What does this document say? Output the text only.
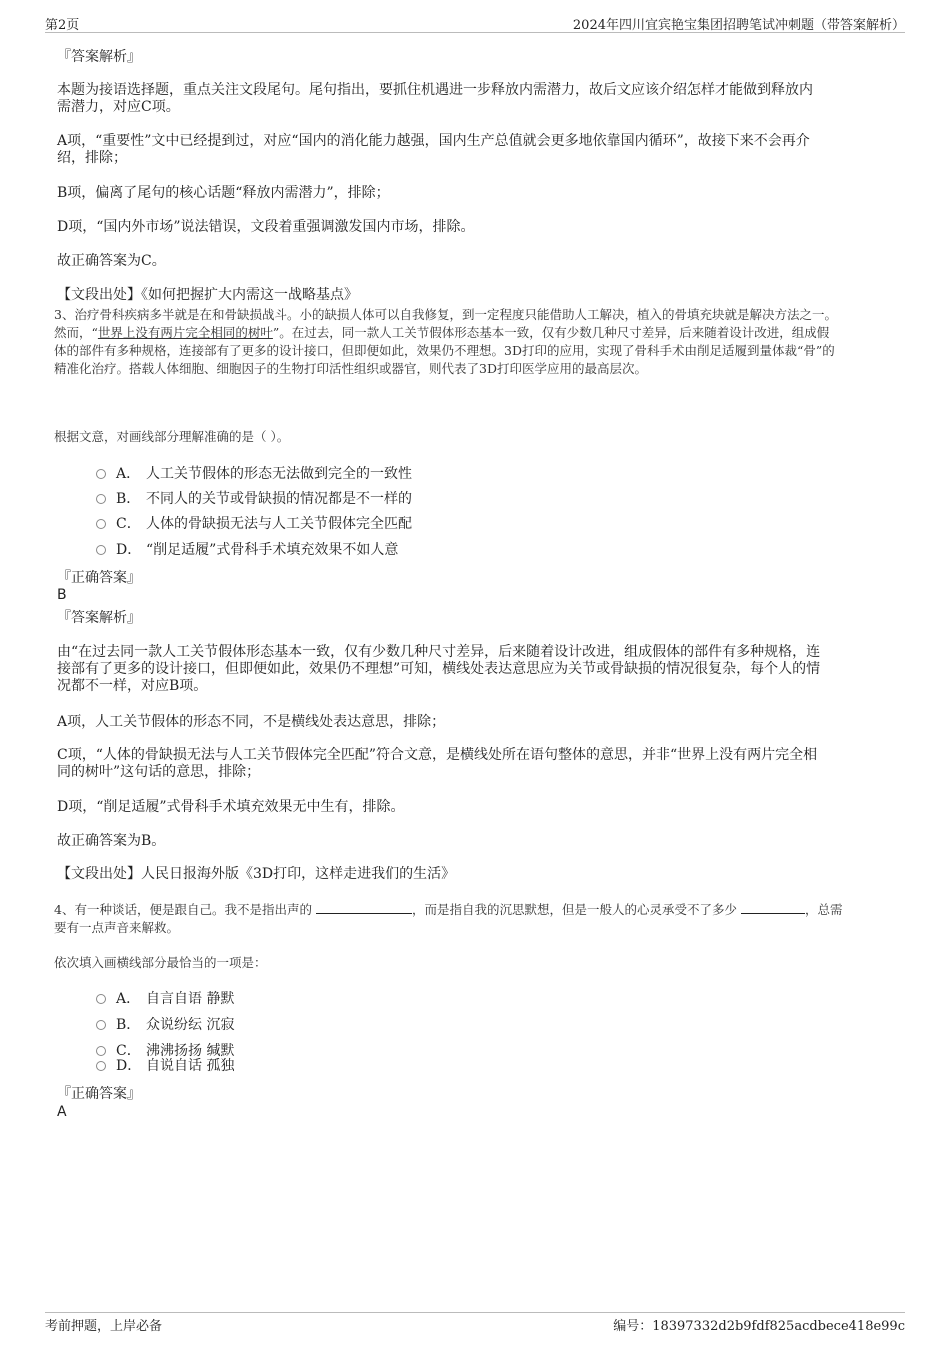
第2页	2024年四川宜宾艳宝集团招聘笔试冲刺题（带答案解析）
『答案解析』
本题为接语选择题，重点关注文段尾句。尾句指出，要抓住机遇进一步释放内需潜力，故后文应该介绍怎样才能做到释放内
需潜力，对应C项。
A项，“重要性”文中已经提到过，对应“国内的消化能力越强，国内生产总值就会更多地依靠国内循环”，故接下来不会再介
绍，排除；
B项，偏离了尾句的核心话题“释放内需潜力”，排除；
D项，“国内外市场”说法错误，文段着重强调激发国内市场，排除。
故正确答案为C。
【文段出处】《如何把握扩大内需这一战略基点》
3、治疗骨科疾病多半就是在和骨缺损战斗。小的缺损人体可以自我修复，到一定程度只能借助人工解决，植入的骨填充块就是解决方法之一。
然而，“世界上没有两片完全相同的树叶”。在过去，同一款人工关节假体形态基本一致，仅有少数几种尺寸差异，后来随着设计改进，组成假
体的部件有多种规格，连接部有了更多的设计接口，但即便如此，效果仍不理想。3D打印的应用，实现了骨科手术由削足适履到量体裁“骨”的
精准化治疗。搭载人体细胞、细胞因子的生物打印活性组织或器官，则代表了3D打印医学应用的最高层次。
根据文意，对画线部分理解准确的是（ ）。
A． 人工关节假体的形态无法做到完全的一致性
B． 不同人的关节或骨缺损的情况都是不一样的
C． 人体的骨缺损无法与人工关节假体完全匹配
D． “削足适履”式骨科手术填充效果不如人意
『正确答案』
B
『答案解析』
由“在过去同一款人工关节假体形态基本一致，仅有少数几种尺寸差异，后来随着设计改进，组成假体的部件有多种规格，连
接部有了更多的设计接口，但即便如此，效果仍不理想”可知，横线处表达意思应为关节或骨缺损的情况很复杂，每个人的情
况都不一样，对应B项。
A项，人工关节假体的形态不同，不是横线处表达意思，排除；
C项，“人体的骨缺损无法与人工关节假体完全匹配”符合文意，是横线处所在语句整体的意思，并非“世界上没有两片完全相
同的树叶”这句话的意思，排除；
D项，“削足适履”式骨科手术填充效果无中生有，排除。
故正确答案为B。
【文段出处】人民日报海外版《3D打印，这样走进我们的生活》
4、有一种谈话，便是跟自己。我不是指出声的	，而是指自我的沉思默想，但是一般人的心灵承受不了多少	，总需
要有一点声音来解救。
依次填入画横线部分最恰当的一项是：
A． 自言自语 静默
B． 众说纷纭 沉寂
C． 沸沸扬扬 缄默
D． 自说自话 孤独
『正确答案』
A
考前押题，上岸必备	编号：18397332d2b9fdf825acdbece418e99c
